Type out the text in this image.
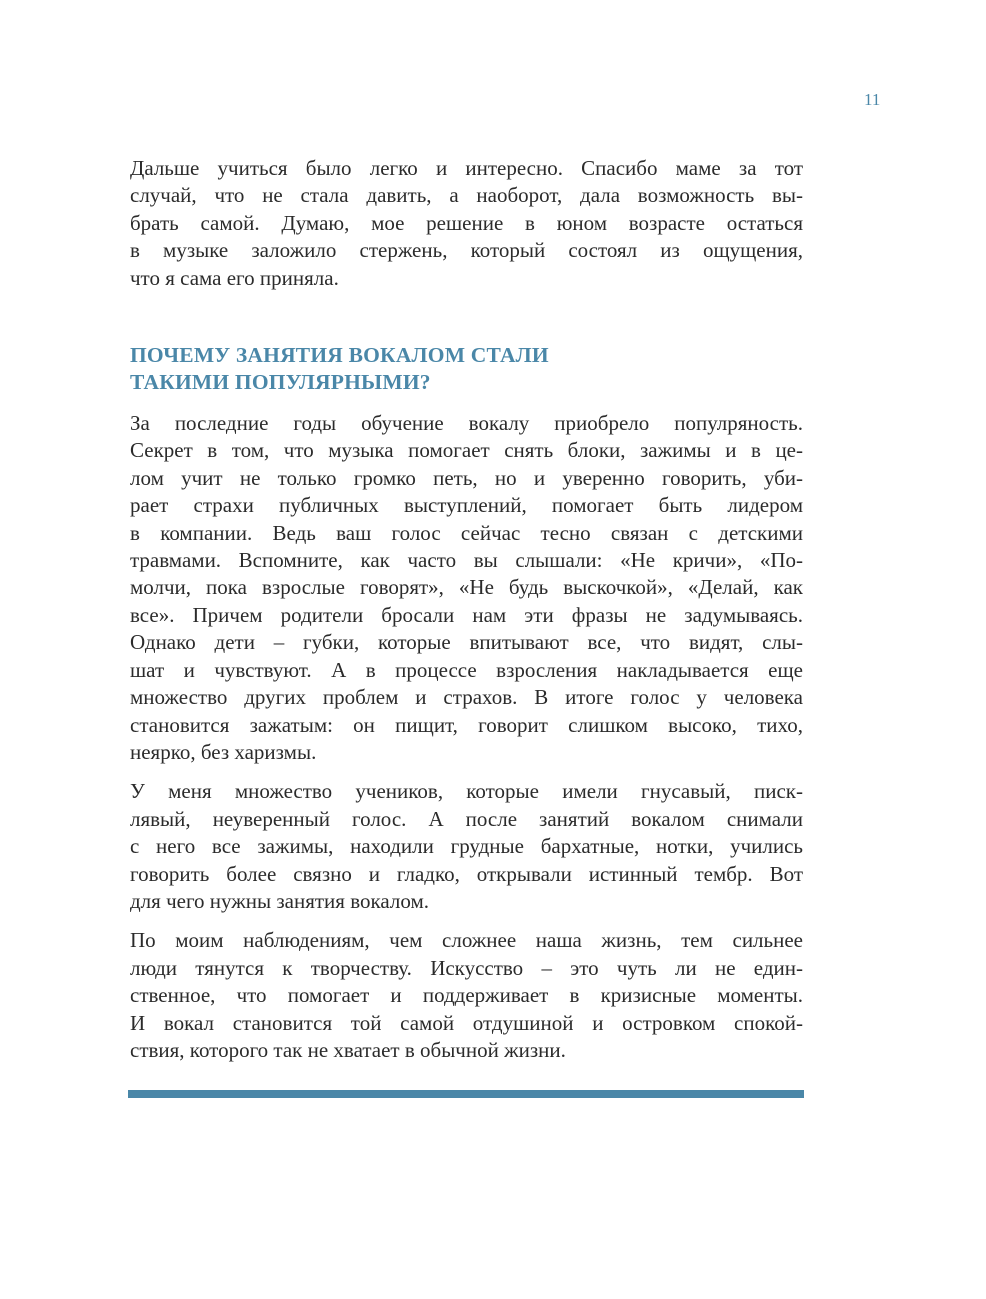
11

Дальше учиться было легко и интересно. Спасибо маме за тот
случай, что не стала давить, а наоборот, дала возможность вы-
брать самой. Думаю, мое решение в юном возрасте остаться
в музыке заложило стержень, который состоял из ощущения,
что я сама его приняла.

ПОЧЕМУ ЗАНЯТИЯ ВОКАЛОМ СТАЛИ
ТАКИМИ ПОПУЛЯРНЫМИ?

За последние годы обучение вокалу приобрело популряность.
Секрет в том, что музыка помогает снять блоки, зажимы и в це-
лом учит не только громко петь, но и уверенно говорить, уби-
рает страхи публичных выступлений, помогает быть лидером
в компании. Ведь ваш голос сейчас тесно связан с детскими
травмами. Вспомните, как часто вы слышали: «Не кричи», «По-
молчи, пока взрослые говорят», «Не будь выскочкой», «Делай, как
все». Причем родители бросали нам эти фразы не задумываясь.
Однако дети – губки, которые впитывают все, что видят, слы-
шат и чувствуют. А в процессе взросления накладывается еще
множество других проблем и страхов. В итоге голос у человека
становится зажатым: он пищит, говорит слишком высоко, тихо,
неярко, без харизмы.

У меня множество учеников, которые имели гнусавый, писк-
лявый, неуверенный голос. А после занятий вокалом снимали
с него все зажимы, находили грудные бархатные, нотки, учились
говорить более связно и гладко, открывали истинный тембр. Вот
для чего нужны занятия вокалом.

По моим наблюдениям, чем сложнее наша жизнь, тем сильнее
люди тянутся к творчеству. Искусство – это чуть ли не един-
ственное, что помогает и поддерживает в кризисные моменты.
И вокал становится той самой отдушиной и островком спокой-
ствия, которого так не хватает в обычной жизни.
